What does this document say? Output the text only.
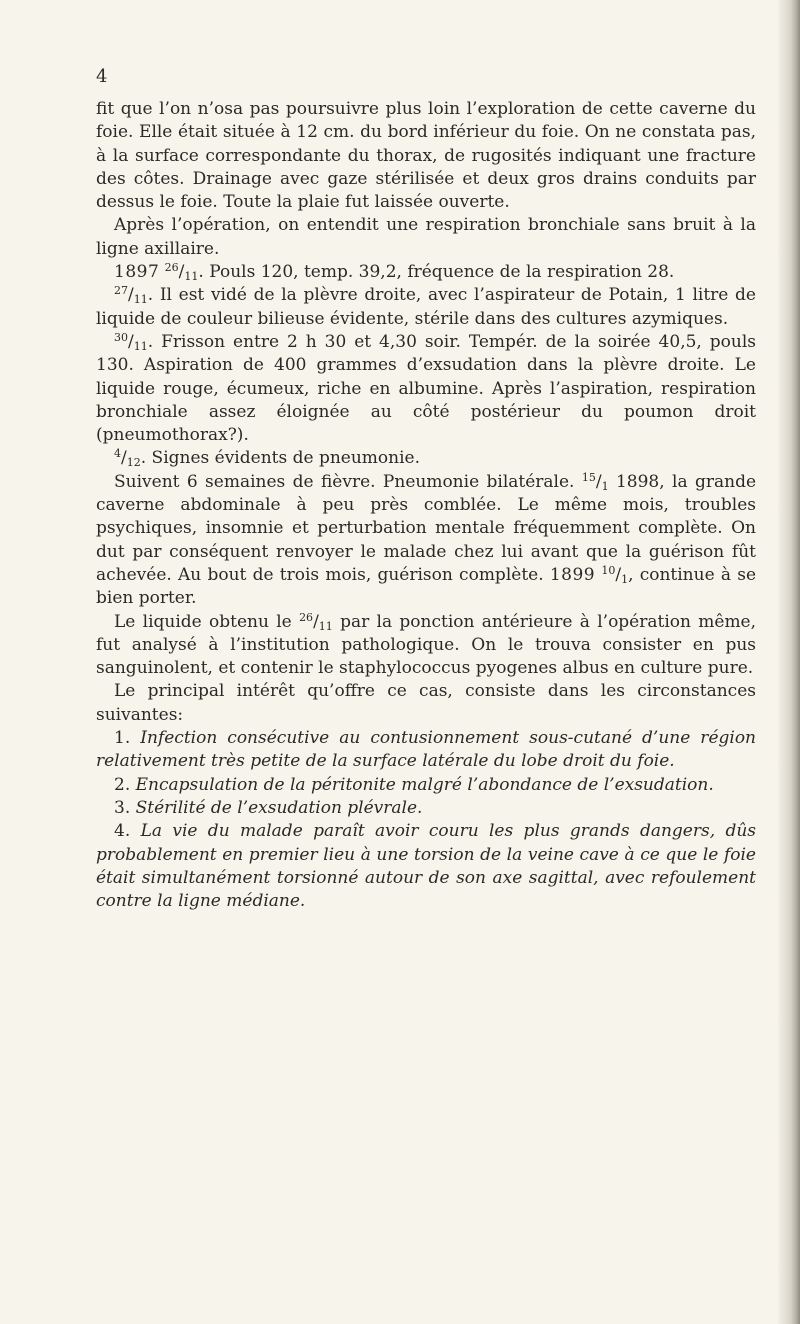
4

fit que l’on n’osa pas poursuivre plus loin l’exploration de cette caverne du foie. Elle était située à 12 cm. du bord inférieur du foie. On ne constata pas, à la surface correspondante du thorax, de rugosités indiquant une fracture des côtes. Drainage avec gaze stérilisée et deux gros drains conduits par dessus le foie. Toute la plaie fut laissée ouverte.

Après l’opération, on entendit une respiration bronchiale sans bruit à la ligne axillaire.

1897 $^{26}/_{11}$. Pouls 120, temp. 39,2, fréquence de la respiration 28.

$^{27}/_{11}$. Il est vidé de la plèvre droite, avec l’aspirateur de Potain, 1 litre de liquide de couleur bilieuse évidente, stérile dans des cultures azymiques.

$^{30}/_{11}$. Frisson entre 2 h 30 et 4,30 soir. Tempér. de la soirée 40,5, pouls 130. Aspiration de 400 grammes d’exsudation dans la plèvre droite. Le liquide rouge, écumeux, riche en albumine. Après l’aspiration, respiration bronchiale assez éloignée au côté postérieur du poumon droit (pneumothorax?).

$^4/_{12}$. Signes évidents de pneumonie.

Suivent 6 semaines de fièvre. Pneumonie bilatérale. $^{15}/_1$ 1898, la grande caverne abdominale à peu près comblée. Le même mois, troubles psychiques, insomnie et perturbation mentale fréquemment complète. On dut par conséquent renvoyer le malade chez lui avant que la guérison fût achevée. Au bout de trois mois, guérison complète. 1899 $^{10}/_1$, continue à se bien porter.

Le liquide obtenu le $^{26}/_{11}$ par la ponction antérieure à l’opération même, fut analysé à l’institution pathologique. On le trouva consister en pus sanguinolent, et contenir le staphylococcus pyogenes albus en culture pure.

Le principal intérêt qu’offre ce cas, consiste dans les circonstances suivantes:

1. Infection consécutive au contusionnement sous-cutané d’une région relativement très petite de la surface latérale du lobe droit du foie.

2. Encapsulation de la péritonite malgré l’abondance de l’exsudation.

3. Stérilité de l’exsudation plévrale.

4. La vie du malade paraît avoir couru les plus grands dangers, dûs probablement en premier lieu à une torsion de la veine cave à ce que le foie était simultanément torsionné autour de son axe sagittal, avec refoulement contre la ligne médiane.
